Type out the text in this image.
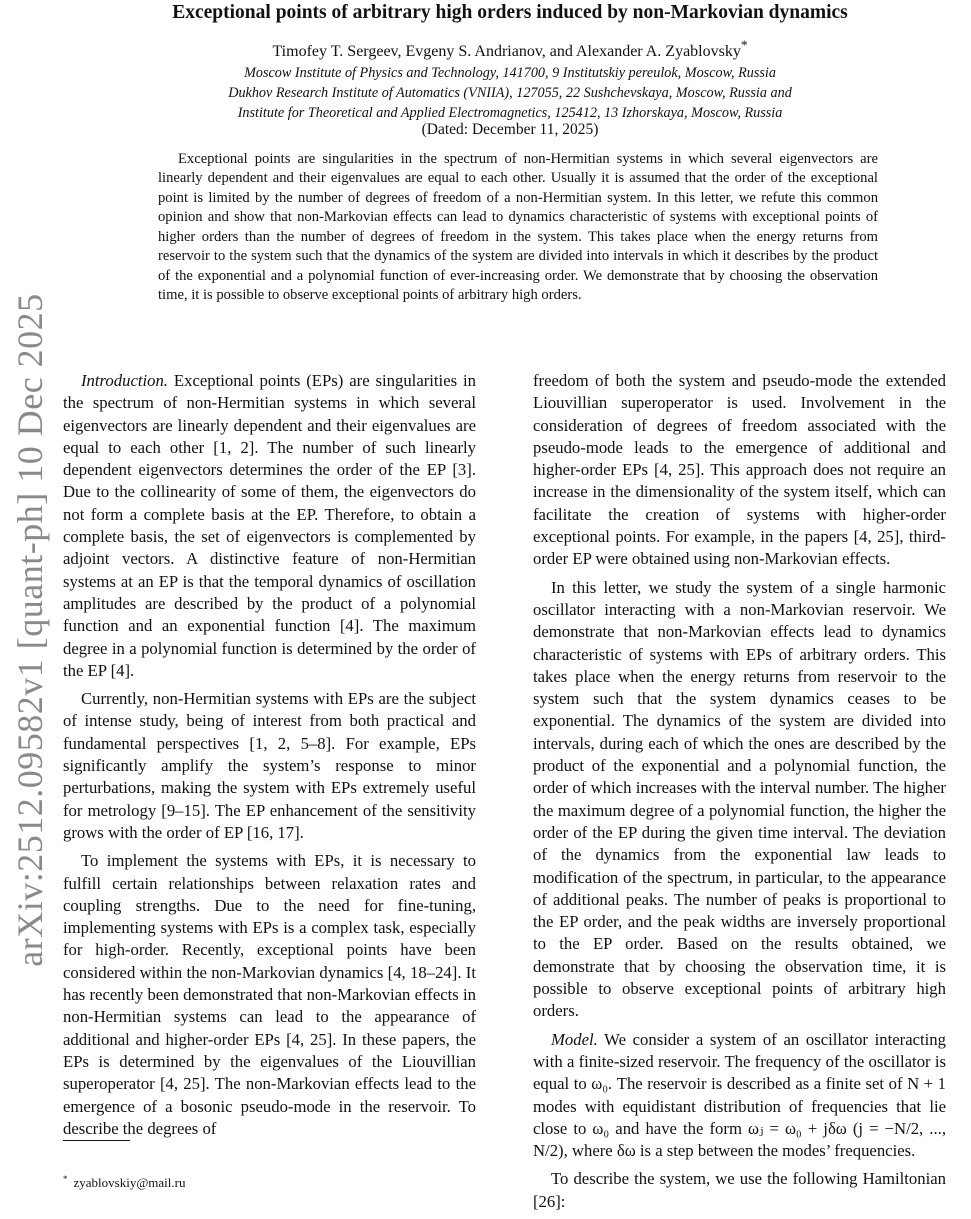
Exceptional points of arbitrary high orders induced by non-Markovian dynamics
Timofey T. Sergeev, Evgeny S. Andrianov, and Alexander A. Zyablovsky*
Moscow Institute of Physics and Technology, 141700, 9 Institutskiy pereulok, Moscow, Russia
Dukhov Research Institute of Automatics (VNIIA), 127055, 22 Sushchevskaya, Moscow, Russia and
Institute for Theoretical and Applied Electromagnetics, 125412, 13 Izhorskaya, Moscow, Russia
(Dated: December 11, 2025)

Exceptional points are singularities in the spectrum of non-Hermitian systems in which several eigenvectors are linearly dependent and their eigenvalues are equal to each other. Usually it is assumed that the order of the exceptional point is limited by the number of degrees of freedom of a non-Hermitian system. In this letter, we refute this common opinion and show that non-Markovian effects can lead to dynamics characteristic of systems with exceptional points of higher orders than the number of degrees of freedom in the system. This takes place when the energy returns from reservoir to the system such that the dynamics of the system are divided into intervals in which it describes by the product of the exponential and a polynomial function of ever-increasing order. We demonstrate that by choosing the observation time, it is possible to observe exceptional points of arbitrary high orders.

arXiv:2512.09582v1 [quant-ph] 10 Dec 2025	Introduction. Exceptional points (EPs) are singularities in the spectrum of non-Hermitian systems in which several eigenvectors are linearly dependent and their eigenvalues are equal to each other [1, 2]. The number of such linearly dependent eigenvectors determines the order of the EP [3]. Due to the collinearity of some of them, the eigenvectors do not form a complete basis at the EP. Therefore, to obtain a complete basis, the set of eigenvectors is complemented by adjoint vectors. A distinctive feature of non-Hermitian systems at an EP is that the temporal dynamics of oscillation amplitudes are described by the product of a polynomial function and an exponential function [4]. The maximum degree in a polynomial function is determined by the order of the EP [4].

Currently, non-Hermitian systems with EPs are the subject of intense study, being of interest from both practical and fundamental perspectives [1, 2, 5–8]. For example, EPs significantly amplify the system’s response to minor perturbations, making the system with EPs extremely useful for metrology [9–15]. The EP enhancement of the sensitivity grows with the order of EP [16, 17].

To implement the systems with EPs, it is necessary to fulfill certain relationships between relaxation rates and coupling strengths. Due to the need for fine-tuning, implementing systems with EPs is a complex task, especially for high-order. Recently, exceptional points have been considered within the non-Markovian dynamics [4, 18–24]. It has recently been demonstrated that non-Markovian effects in non-Hermitian systems can lead to the appearance of additional and higher-order EPs [4, 25]. In these papers, the EPs is determined by the eigenvalues of the Liouvillian superoperator [4, 25]. The non-Markovian effects lead to the emergence of a bosonic pseudo-mode in the reservoir. To describe the degrees of

* zyablovskiy@mail.ru

freedom of both the system and pseudo-mode the extended Liouvillian superoperator is used. Involvement in the consideration of degrees of freedom associated with the pseudo-mode leads to the emergence of additional and higher-order EPs [4, 25]. This approach does not require an increase in the dimensionality of the system itself, which can facilitate the creation of systems with higher-order exceptional points. For example, in the papers [4, 25], third-order EP were obtained using non-Markovian effects.

In this letter, we study the system of a single harmonic oscillator interacting with a non-Markovian reservoir. We demonstrate that non-Markovian effects lead to dynamics characteristic of systems with EPs of arbitrary orders. This takes place when the energy returns from reservoir to the system such that the system dynamics ceases to be exponential. The dynamics of the system are divided into intervals, during each of which the ones are described by the product of the exponential and a polynomial function, the order of which increases with the interval number. The higher the maximum degree of a polynomial function, the higher the order of the EP during the given time interval. The deviation of the dynamics from the exponential law leads to modification of the spectrum, in particular, to the appearance of additional peaks. The number of peaks is proportional to the EP order, and the peak widths are inversely proportional to the EP order. Based on the results obtained, we demonstrate that by choosing the observation time, it is possible to observe exceptional points of arbitrary high orders.

Model. We consider a system of an oscillator interacting with a finite-sized reservoir. The frequency of the oscillator is equal to ω₀. The reservoir is described as a finite set of N + 1 modes with equidistant distribution of frequencies that lie close to ω₀ and have the form ωⱼ = ω₀ + jδω (j = −N/2, ..., N/2), where δω is a step between the modes’ frequencies.

To describe the system, we use the following Hamiltonian [26]:
